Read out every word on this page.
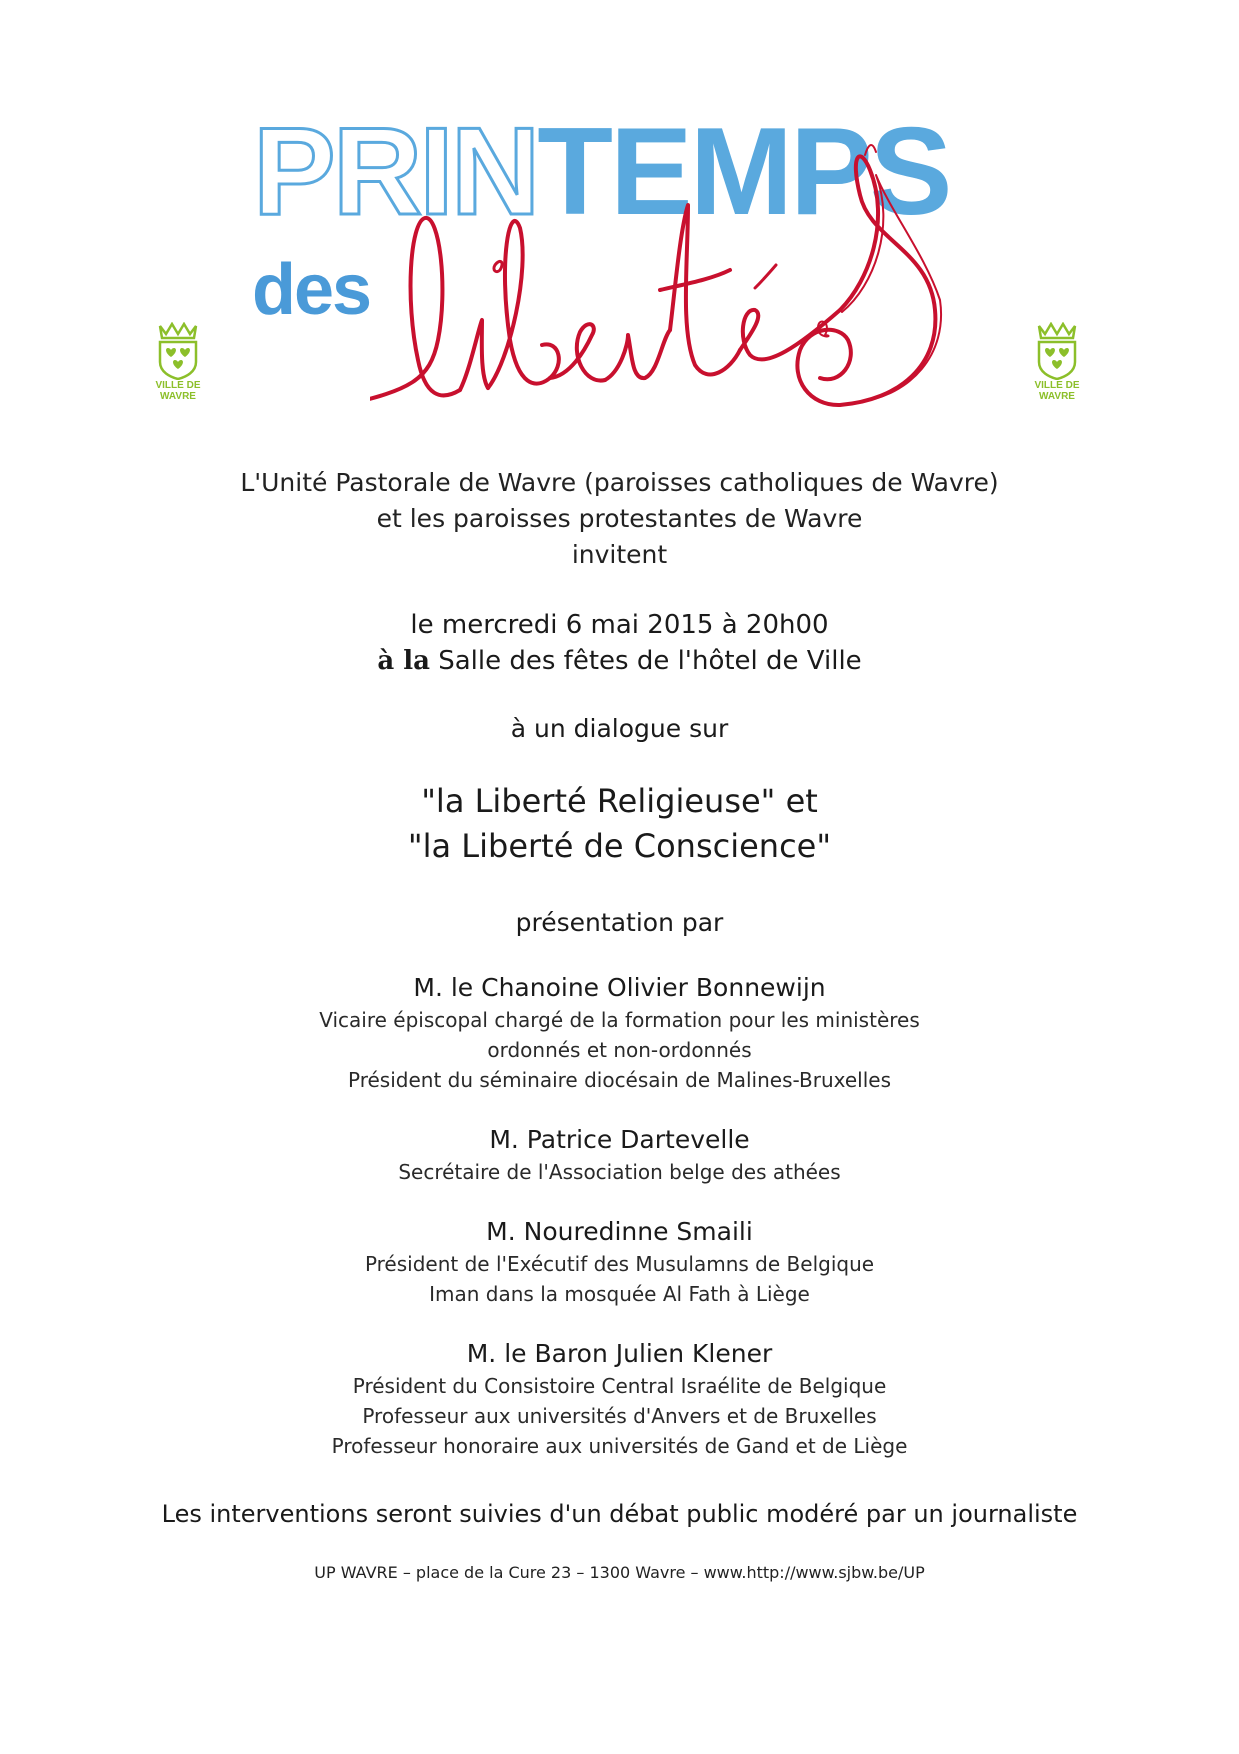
PRINTEMPS
des
VILLE DE
WAVRE
VILLE DE
WAVRE
L'Unité Pastorale de Wavre (paroisses catholiques de Wavre)
et les paroisses protestantes de Wavre
invitent
le mercredi 6 mai 2015 à 20h00
à la Salle des fêtes de l'hôtel de Ville
à un dialogue sur
"la Liberté Religieuse" et
"la Liberté de Conscience"
présentation par
M. le Chanoine Olivier Bonnewijn
Vicaire épiscopal chargé de la formation pour les ministères
ordonnés et non-ordonnés
Président du séminaire diocésain de Malines-Bruxelles
M. Patrice Dartevelle
Secrétaire de l'Association belge des athées
M. Nouredinne Smaili
Président de l'Exécutif des Musulamns de Belgique
Iman dans la mosquée Al Fath à Liège
M. le Baron Julien Klener
Président du Consistoire Central Israélite de Belgique
Professeur aux universités d'Anvers et de Bruxelles
Professeur honoraire aux universités de Gand et de Liège
Les interventions seront suivies d'un débat public modéré par un journaliste
UP WAVRE – place de la Cure 23 – 1300 Wavre – www.http://www.sjbw.be/UP
